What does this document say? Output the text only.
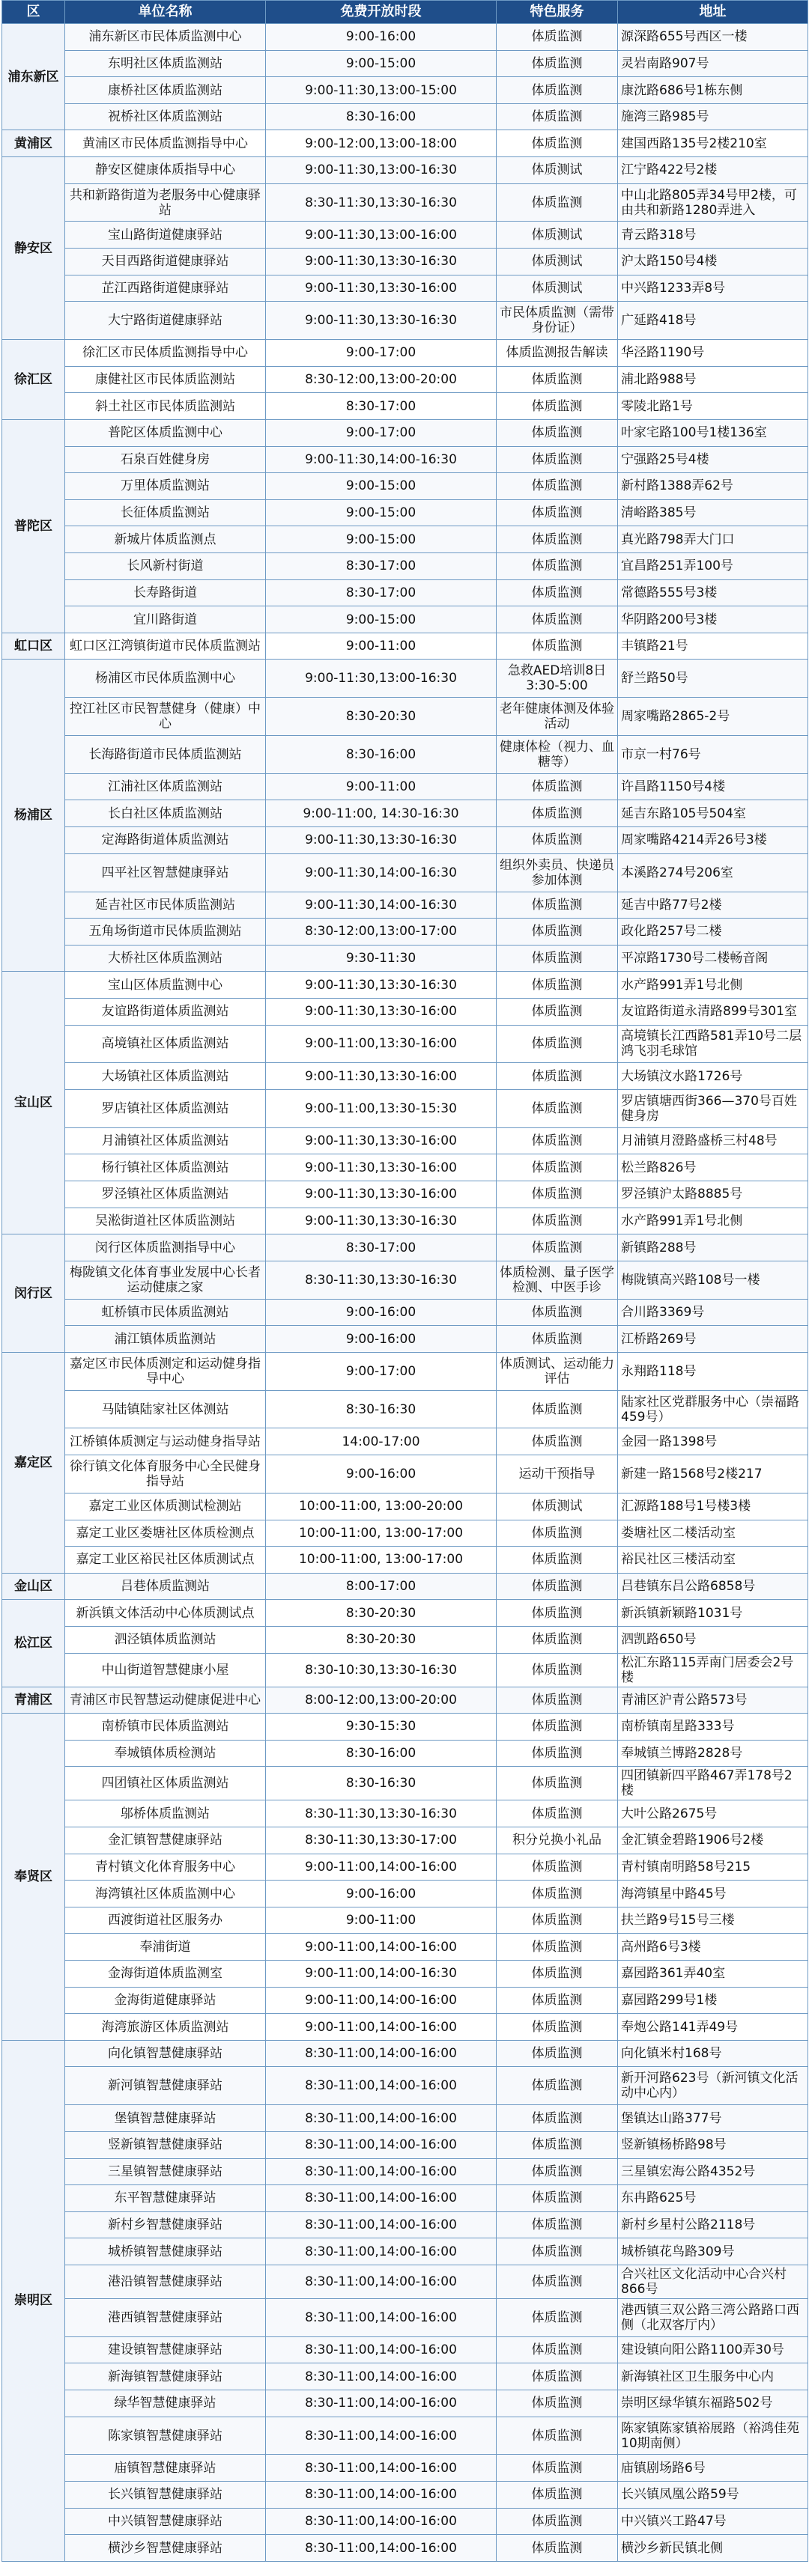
区	单位名称	免费开放时段	特色服务	地址
浦东新区	浦东新区市民体质监测中心	9:00-16:00	体质监测	源深路655号西区一楼
	东明社区体质监测站	9:00-15:00	体质监测	灵岩南路907号
	康桥社区体质监测站	9:00-11:30,13:00-15:00	体质监测	康沈路686号1栋东侧
	祝桥社区体质监测站	8:30-16:00	体质监测	施湾三路985号
黄浦区	黄浦区市民体质监测指导中心	9:00-12:00,13:00-18:00	体质监测	建国西路135号2楼210室
静安区	静安区健康体质指导中心	9:00-11:30,13:00-16:30	体质测试	江宁路422号2楼
	共和新路街道为老服务中心健康驿站	8:30-11:30,13:30-16:30	体质监测	中山北路805弄34号甲2楼，可由共和新路1280弄进入
	宝山路街道健康驿站	9:00-11:30,13:00-16:00	体质测试	青云路318号
	天目西路街道健康驿站	9:00-11:30,13:30-16:30	体质测试	沪太路150号4楼
	芷江西路街道健康驿站	9:00-11:30,13:30-16:00	体质测试	中兴路1233弄8号
	大宁路街道健康驿站	9:00-11:30,13:30-16:30	市民体质监测（需带身份证）	广延路418号
徐汇区	徐汇区市民体质监测指导中心	9:00-17:00	体质监测报告解读	华泾路1190号
	康健社区市民体质监测站	8:30-12:00,13:00-20:00	体质监测	浦北路988号
	斜土社区市民体质监测站	8:30-17:00	体质监测	零陵北路1号
普陀区	普陀区体质监测中心	9:00-17:00	体质监测	叶家宅路100号1楼136室
	石泉百姓健身房	9:00-11:30,14:00-16:30	体质监测	宁强路25号4楼
	万里体质监测站	9:00-15:00	体质监测	新村路1388弄62号
	长征体质监测站	9:00-15:00	体质监测	清峪路385号
	新城片体质监测点	9:00-15:00	体质监测	真光路798弄大门口
	长风新村街道	8:30-17:00	体质监测	宜昌路251弄100号
	长寿路街道	8:30-17:00	体质监测	常德路555号3楼
	宜川路街道	9:00-15:00	体质监测	华阴路200号3楼
虹口区	虹口区江湾镇街道市民体质监测站	9:00-11:00	体质监测	丰镇路21号
杨浦区	杨浦区市民体质监测中心	9:00-11:30,13:00-16:30	急救AED培训8日3:30-5:00	舒兰路50号
	控江社区市民智慧健身（健康）中心	8:30-20:30	老年健康体测及体验活动	周家嘴路2865-2号
	长海路街道市民体质监测站	8:30-16:00	健康体检（视力、血糖等）	市京一村76号
	江浦社区体质监测站	9:00-11:00	体质监测	许昌路1150号4楼
	长白社区体质监测站	9:00-11:00, 14:30-16:30	体质监测	延吉东路105号504室
	定海路街道体质监测站	9:00-11:30,13:30-16:30	体质监测	周家嘴路4214弄26号3楼
	四平社区智慧健康驿站	9:00-11:30,14:00-16:30	组织外卖员、快递员参加体测	本溪路274号206室
	延吉社区市民体质监测站	9:00-11:30,14:00-16:30	体质监测	延吉中路77号2楼
	五角场街道市民体质监测站	8:30-12:00,13:00-17:00	体质监测	政化路257号二楼
	大桥社区体质监测站	9:30-11:30	体质监测	平凉路1730号二楼畅音阁
宝山区	宝山区体质监测中心	9:00-11:30,13:30-16:30	体质监测	水产路991弄1号北侧
	友谊路街道体质监测站	9:00-11:30,13:30-16:00	体质监测	友谊路街道永清路899号301室
	高境镇社区体质监测站	9:00-11:00,13:30-16:00	体质监测	高境镇长江西路581弄10号二层鸿飞羽毛球馆
	大场镇社区体质监测站	9:00-11:30,13:30-16:00	体质监测	大场镇汶水路1726号
	罗店镇社区体质监测站	9:00-11:00,13:30-15:30	体质监测	罗店镇塘西街366—370号百姓健身房
	月浦镇社区体质监测站	9:00-11:30,13:30-16:00	体质监测	月浦镇月澄路盛桥三村48号
	杨行镇社区体质监测站	9:00-11:30,13:30-16:00	体质监测	松兰路826号
	罗泾镇社区体质监测站	9:00-11:30,13:30-16:00	体质监测	罗泾镇沪太路8885号
	吴淞街道社区体质监测站	9:00-11:30,13:30-16:30	体质监测	水产路991弄1号北侧
闵行区	闵行区体质监测指导中心	8:30-17:00	体质监测	新镇路288号
	梅陇镇文化体育事业发展中心长者运动健康之家	8:30-11:30,13:30-16:30	体质检测、量子医学检测、中医手诊	梅陇镇高兴路108号一楼
	虹桥镇市民体质监测站	9:00-16:00	体质监测	合川路3369号
	浦江镇体质监测站	9:00-16:00	体质监测	江桥路269号
嘉定区	嘉定区市民体质测定和运动健身指导中心	9:00-17:00	体质测试、运动能力评估	永翔路118号
	马陆镇陆家社区体测站	8:30-16:30	体质监测	陆家社区党群服务中心（崇福路459号）
	江桥镇体质测定与运动健身指导站	14:00-17:00	体质监测	金园一路1398号
	徐行镇文化体育服务中心全民健身指导站	9:00-16:00	运动干预指导	新建一路1568号2楼217
	嘉定工业区体质测试检测站	10:00-11:00, 13:00-20:00	体质测试	汇源路188号1号楼3楼
	嘉定工业区娄塘社区体质检测点	10:00-11:00, 13:00-17:00	体质监测	娄塘社区二楼活动室
	嘉定工业区裕民社区体质测试点	10:00-11:00, 13:00-17:00	体质监测	裕民社区三楼活动室
金山区	吕巷体质监测站	8:00-17:00	体质监测	吕巷镇东吕公路6858号
松江区	新浜镇文体活动中心体质测试点	8:30-20:30	体质监测	新浜镇新颖路1031号
	泗泾镇体质监测站	8:30-20:30	体质监测	泗凯路650号
	中山街道智慧健康小屋	8:30-10:30,13:30-16:30	体质监测	松汇东路115弄南门居委会2号楼
青浦区	青浦区市民智慧运动健康促进中心	8:00-12:00,13:00-20:00	体质监测	青浦区沪青公路573号
奉贤区	南桥镇市民体质监测站	9:30-15:30	体质监测	南桥镇南星路333号
	奉城镇体质检测站	8:30-16:00	体质监测	奉城镇兰博路2828号
	四团镇社区体质监测站	8:30-16:30	体质监测	四团镇新四平路467弄178号2楼
	邬桥体质监测站	8:30-11:30,13:30-16:30	体质监测	大叶公路2675号
	金汇镇智慧健康驿站	8:30-11:30,13:30-17:00	积分兑换小礼品	金汇镇金碧路1906号2楼
	青村镇文化体育服务中心	9:00-11:00,14:00-16:00	体质监测	青村镇南明路58号215
	海湾镇社区体质监测中心	9:00-16:00	体质监测	海湾镇星中路45号
	西渡街道社区服务办	9:00-11:00	体质监测	扶兰路9号15号三楼
	奉浦街道	9:00-11:00,14:00-16:00	体质监测	高州路6号3楼
	金海街道体质监测室	9:00-11:00,14:00-16:30	体质监测	嘉园路361弄40室
	金海街道健康驿站	9:00-11:00,14:00-16:00	体质监测	嘉园路299号1楼
	海湾旅游区体质监测站	9:00-11:00,14:00-16:00	体质监测	奉炮公路141弄49号
崇明区	向化镇智慧健康驿站	8:30-11:00,14:00-16:00	体质监测	向化镇米村168号
	新河镇智慧健康驿站	8:30-11:00,14:00-16:00	体质监测	新开河路623号（新河镇文化活动中心内）
	堡镇智慧健康驿站	8:30-11:00,14:00-16:00	体质监测	堡镇达山路377号
	竖新镇智慧健康驿站	8:30-11:00,14:00-16:00	体质监测	竖新镇杨桥路98号
	三星镇智慧健康驿站	8:30-11:00,14:00-16:00	体质监测	三星镇宏海公路4352号
	东平智慧健康驿站	8:30-11:00,14:00-16:00	体质监测	东冉路625号
	新村乡智慧健康驿站	8:30-11:00,14:00-16:00	体质监测	新村乡星村公路2118号
	城桥镇智慧健康驿站	8:30-11:00,14:00-16:00	体质监测	城桥镇花鸟路309号
	港沿镇智慧健康驿站	8:30-11:00,14:00-16:00	体质监测	合兴社区文化活动中心合兴村866号
	港西镇智慧健康驿站	8:30-11:00,14:00-16:00	体质监测	港西镇三双公路三湾公路路口西侧（北双客厅内）
	建设镇智慧健康驿站	8:30-11:00,14:00-16:00	体质监测	建设镇向阳公路1100弄30号
	新海镇智慧健康驿站	8:30-11:00,14:00-16:00	体质监测	新海镇社区卫生服务中心内
	绿华智慧健康驿站	8:30-11:00,14:00-16:00	体质监测	崇明区绿华镇东福路502号
	陈家镇智慧健康驿站	8:30-11:00,14:00-16:00	体质监测	陈家镇陈家镇裕展路（裕鸿佳苑10期南侧）
	庙镇智慧健康驿站	8:30-11:00,14:00-16:00	体质监测	庙镇剧场路6号
	长兴镇智慧健康驿站	8:30-11:00,14:00-16:00	体质监测	长兴镇凤凰公路59号
	中兴镇智慧健康驿站	8:30-11:00,14:00-16:00	体质监测	中兴镇兴工路47号
	横沙乡智慧健康驿站	8:30-11:00,14:00-16:00	体质监测	横沙乡新民镇北侧
